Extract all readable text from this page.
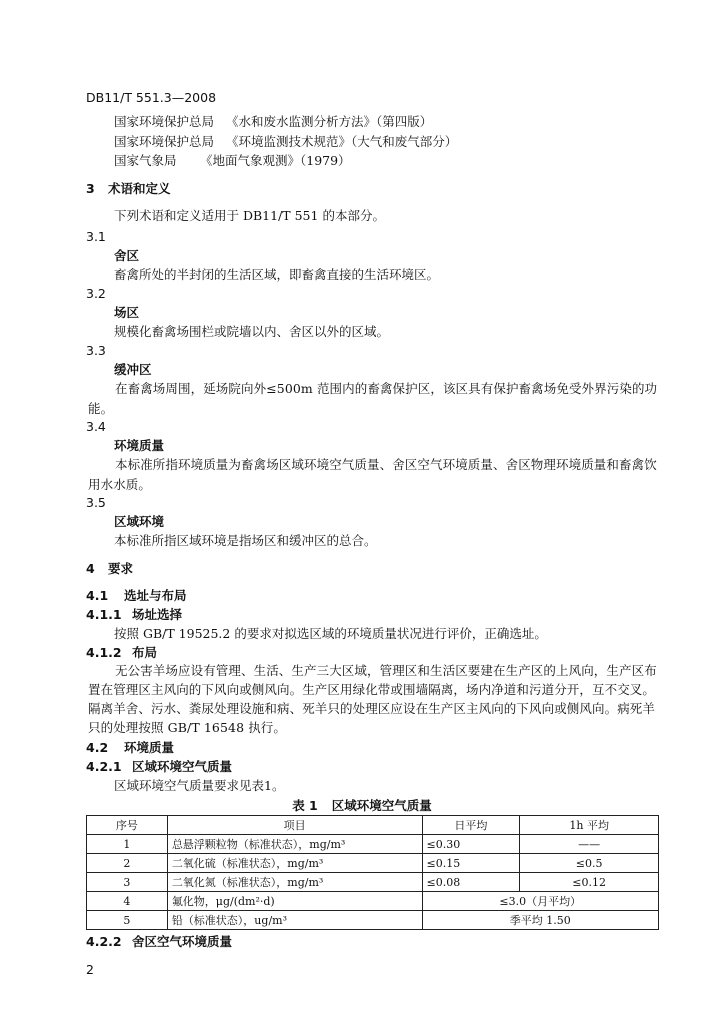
DB11/T 551.3—2008
国家环境保护总局 《水和废水监测分析方法》（第四版）
国家环境保护总局 《环境监测技术规范》（大气和废气部分）
国家气象局 《地面气象观测》（1979）
3 术语和定义
下列术语和定义适用于 DB11/T 551 的本部分。
3.1
舍区
畜禽所处的半封闭的生活区域，即畜禽直接的生活环境区。
3.2
场区
规模化畜禽场围栏或院墙以内、舍区以外的区域。
3.3
缓冲区
在畜禽场周围，延场院向外≤500m 范围内的畜禽保护区，该区具有保护畜禽场免受外界污染的功能。
3.4
环境质量
本标准所指环境质量为畜禽场区域环境空气质量、舍区空气环境质量、舍区物理环境质量和畜禽饮用水水质。
3.5
区域环境
本标准所指区域环境是指场区和缓冲区的总合。
4 要求
4.1 选址与布局
4.1.1 场址选择
按照 GB/T 19525.2 的要求对拟选区域的环境质量状况进行评价，正确选址。
4.1.2 布局
无公害羊场应设有管理、生活、生产三大区域，管理区和生活区要建在生产区的上风向，生产区布置在管理区主风向的下风向或侧风向。生产区用绿化带或围墙隔离，场内净道和污道分开，互不交叉。隔离羊舍、污水、粪尿处理设施和病、死羊只的处理区应设在生产区主风向的下风向或侧风向。病死羊只的处理按照 GB/T 16548 执行。
4.2 环境质量
4.2.1 区域环境空气质量
区域环境空气质量要求见表1。
表 1 区域环境空气质量
序号	项目	日平均	1h 平均
1	总悬浮颗粒物（标准状态），mg/m³	≤0.30	——
2	二氧化硫（标准状态），mg/m³	≤0.15	≤0.5
3	二氧化氮（标准状态），mg/m³	≤0.08	≤0.12
4	氟化物，μg/(dm²·d)	≤3.0（月平均）	
5	铅（标准状态），ug/m³	季平均 1.50	
4.2.2 舍区空气环境质量
2
